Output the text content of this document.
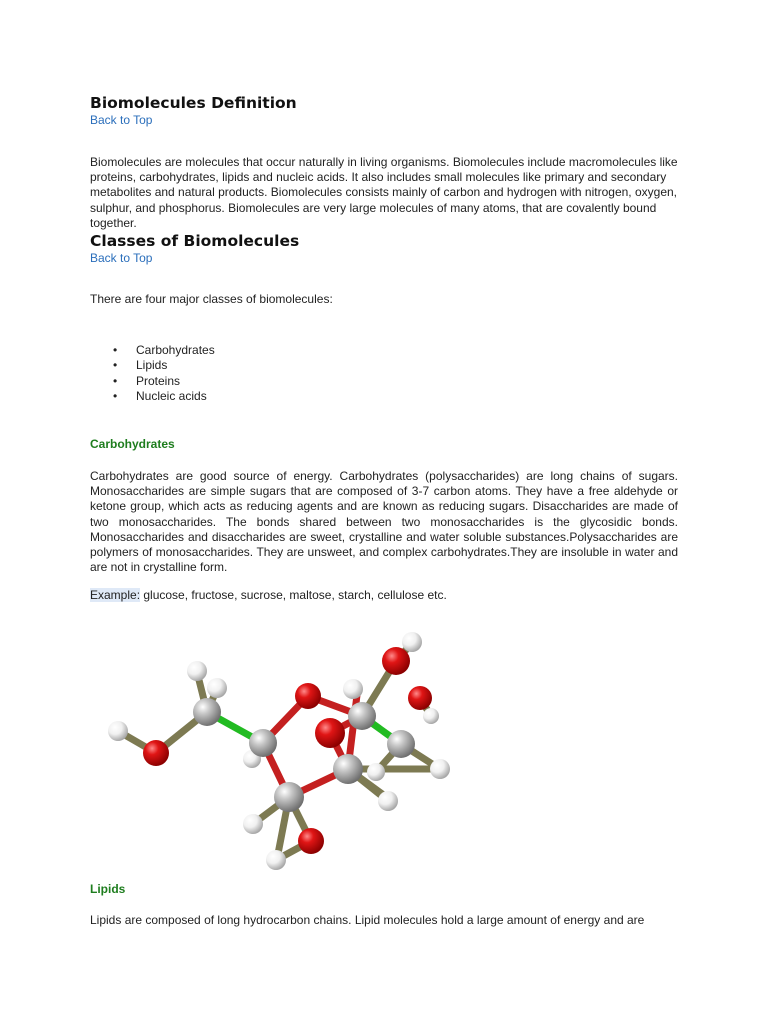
Biomolecules Definition
Back to Top

Biomolecules are molecules that occur naturally in living organisms. Biomolecules include macromolecules like proteins, carbohydrates, lipids and nucleic acids. It also includes small molecules like primary and secondary metabolites and natural products. Biomolecules consists mainly of carbon and hydrogen with nitrogen, oxygen, sulphur, and phosphorus. Biomolecules are very large molecules of many atoms, that are covalently bound together.

Classes of Biomolecules
Back to Top

There are four major classes of biomolecules:

• Carbohydrates
• Lipids
• Proteins
• Nucleic acids
Carbohydrates

Carbohydrates are good source of energy. Carbohydrates (polysaccharides) are long chains of sugars. Monosaccharides are simple sugars that are composed of 3-7 carbon atoms. They have a free aldehyde or ketone group, which acts as reducing agents and are known as reducing sugars. Disaccharides are made of two monosaccharides. The bonds shared between two monosaccharides is the glycosidic bonds. Monosaccharides and disaccharides are sweet, crystalline and water soluble substances.Polysaccharides are polymers of monosaccharides. They are unsweet, and complex carbohydrates.They are insoluble in water and are not in crystalline form.

Example: glucose, fructose, sucrose, maltose, starch, cellulose etc.

Lipids

Lipids are composed of long hydrocarbon chains. Lipid molecules hold a large amount of energy and are
